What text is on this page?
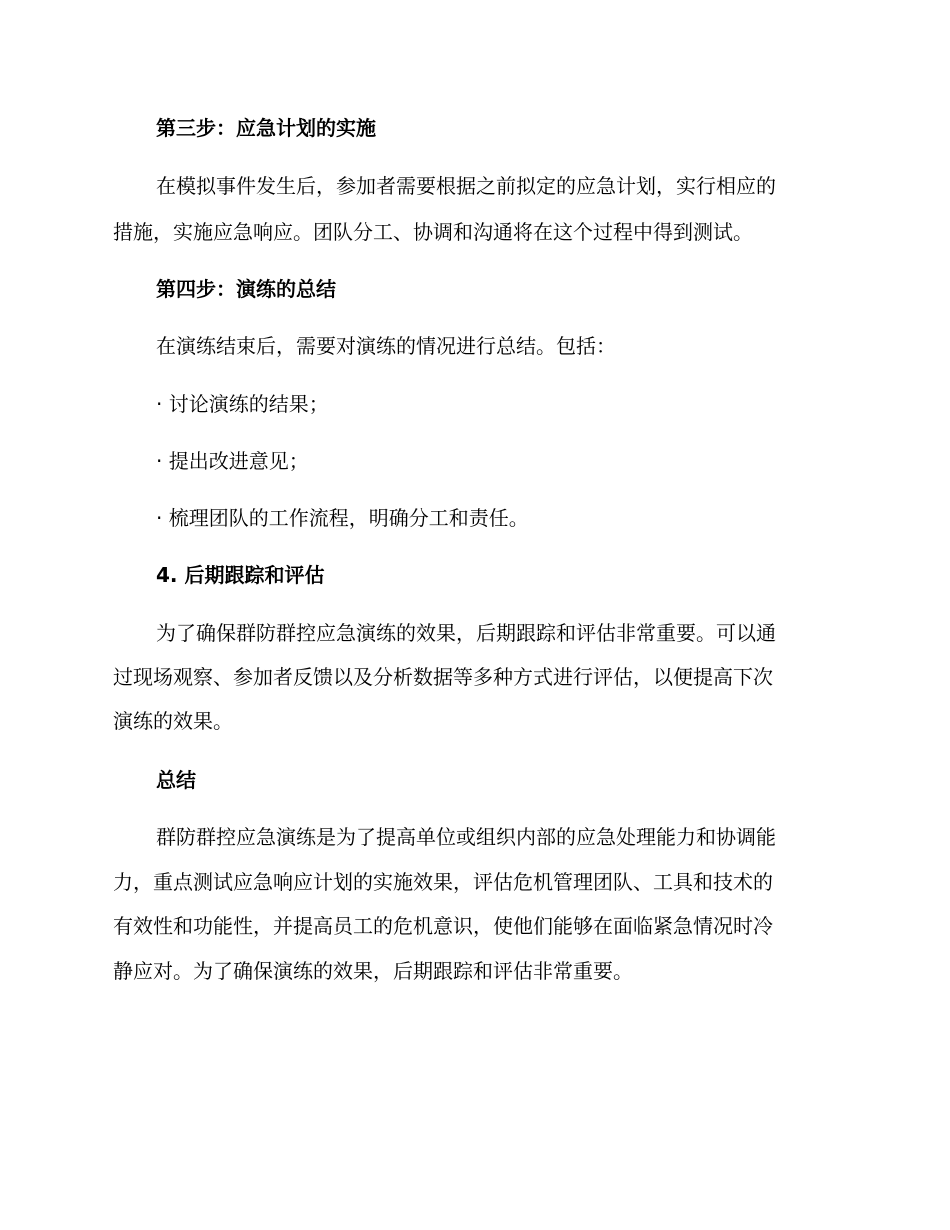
第三步：应急计划的实施
在模拟事件发生后，参加者需要根据之前拟定的应急计划，实行相应的
措施，实施应急响应。团队分工、协调和沟通将在这个过程中得到测试。
第四步：演练的总结
在演练结束后，需要对演练的情况进行总结。包括：
· 讨论演练的结果；
· 提出改进意见；
· 梳理团队的工作流程，明确分工和责任。
4. 后期跟踪和评估
为了确保群防群控应急演练的效果，后期跟踪和评估非常重要。可以通
过现场观察、参加者反馈以及分析数据等多种方式进行评估，以便提高下次
演练的效果。
总结
群防群控应急演练是为了提高单位或组织内部的应急处理能力和协调能
力，重点测试应急响应计划的实施效果，评估危机管理团队、工具和技术的
有效性和功能性，并提高员工的危机意识，使他们能够在面临紧急情况时冷
静应对。为了确保演练的效果，后期跟踪和评估非常重要。
